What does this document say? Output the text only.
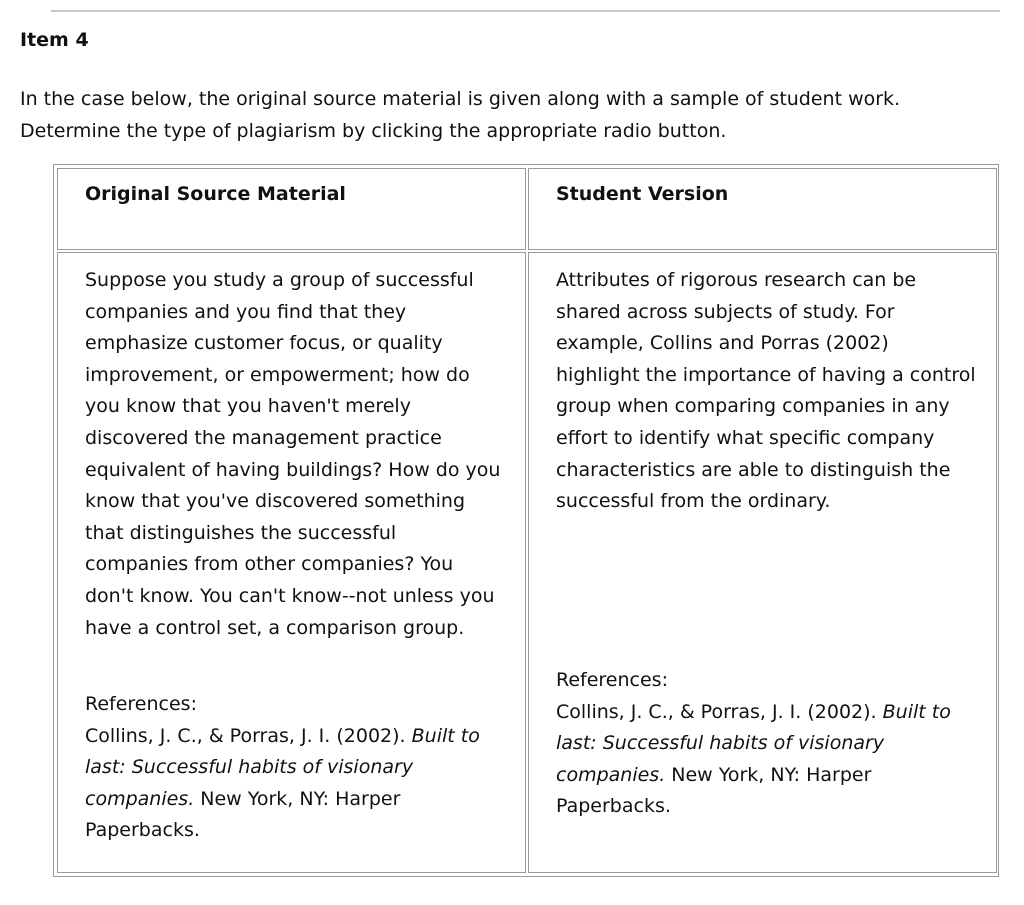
Item 4

In the case below, the original source material is given along with a sample of student work. Determine the type of plagiarism by clicking the appropriate radio button.

Original Source Material	Student Version

Suppose you study a group of successful companies and you find that they emphasize customer focus, or quality improvement, or empowerment; how do you know that you haven't merely discovered the management practice equivalent of having buildings? How do you know that you've discovered something that distinguishes the successful companies from other companies? You don't know. You can't know--not unless you have a control set, a comparison group.

References:

Collins, J. C., & Porras, J. I. (2002). Built to last: Successful habits of visionary companies. New York, NY: Harper Paperbacks.

Attributes of rigorous research can be shared across subjects of study. For example, Collins and Porras (2002) highlight the importance of having a control group when comparing companies in any effort to identify what specific company characteristics are able to distinguish the successful from the ordinary.

References:

Collins, J. C., & Porras, J. I. (2002). Built to last: Successful habits of visionary companies. New York, NY: Harper Paperbacks.
